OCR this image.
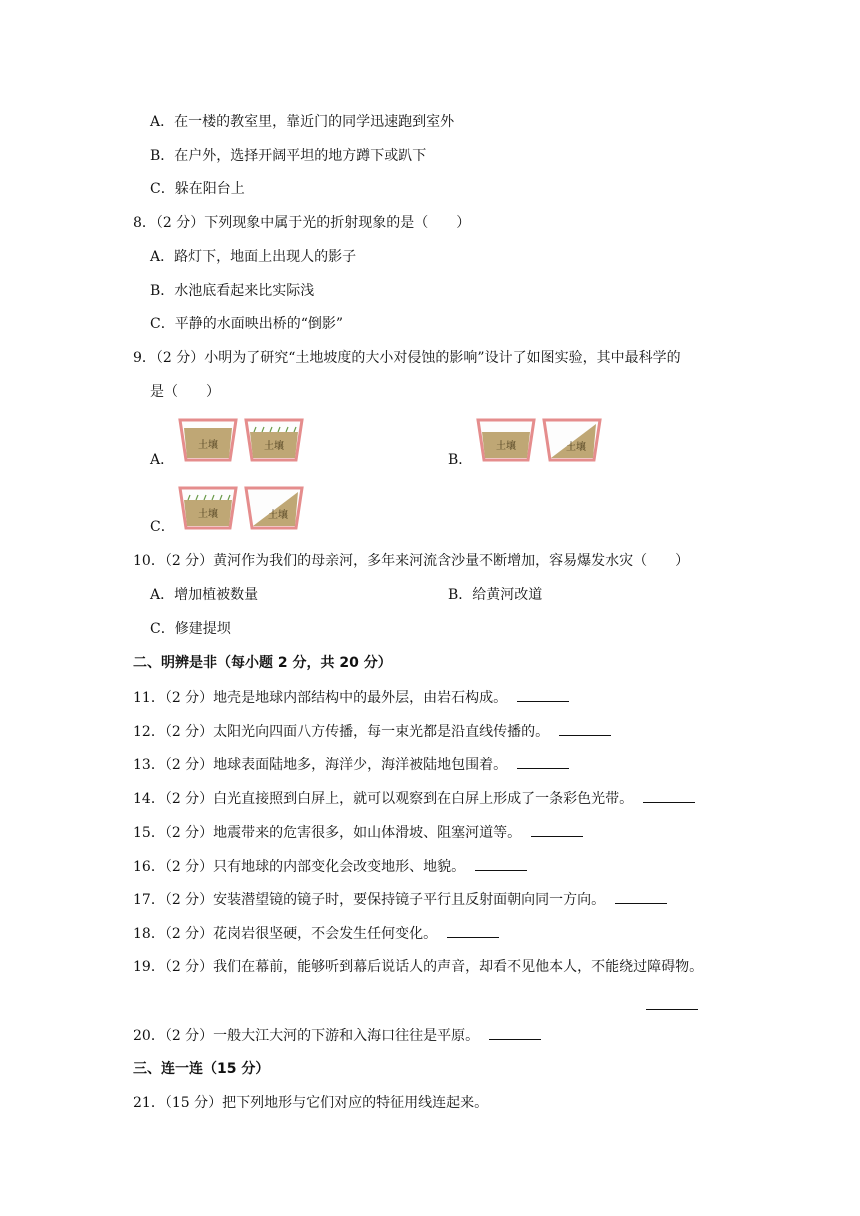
A．在一楼的教室里，靠近门的同学迅速跑到室外
B．在户外，选择开阔平坦的地方蹲下或趴下
C．躲在阳台上
8．（2 分）下列现象中属于光的折射现象的是（　　）
A．路灯下，地面上出现人的影子
B．水池底看起来比实际浅
C．平静的水面映出桥的“倒影”
9．（2 分）小明为了研究“土地坡度的大小对侵蚀的影响”设计了如图实验，其中最科学的
是（　　）
A．	B．
C．
土壤	土壤	土壤	土壤
土壤	土壤
10．（2 分）黄河作为我们的母亲河，多年来河流含沙量不断增加，容易爆发水灾（　　）
A．增加植被数量	B．给黄河改道
C．修建提坝
二、明辨是非（每小题 2 分，共 20 分）
11．（2 分）地壳是地球内部结构中的最外层，由岩石构成。
12．（2 分）太阳光向四面八方传播，每一束光都是沿直线传播的。
13．（2 分）地球表面陆地多，海洋少，海洋被陆地包围着。
14．（2 分）白光直接照到白屏上，就可以观察到在白屏上形成了一条彩色光带。
15．（2 分）地震带来的危害很多，如山体滑坡、阻塞河道等。
16．（2 分）只有地球的内部变化会改变地形、地貌。
17．（2 分）安装潜望镜的镜子时，要保持镜子平行且反射面朝向同一方向。
18．（2 分）花岗岩很坚硬，不会发生任何变化。
19．（2 分）我们在幕前，能够听到幕后说话人的声音，却看不见他本人，不能绕过障碍物。
20．（2 分）一般大江大河的下游和入海口往往是平原。
三、连一连（15 分）
21．（15 分）把下列地形与它们对应的特征用线连起来。
